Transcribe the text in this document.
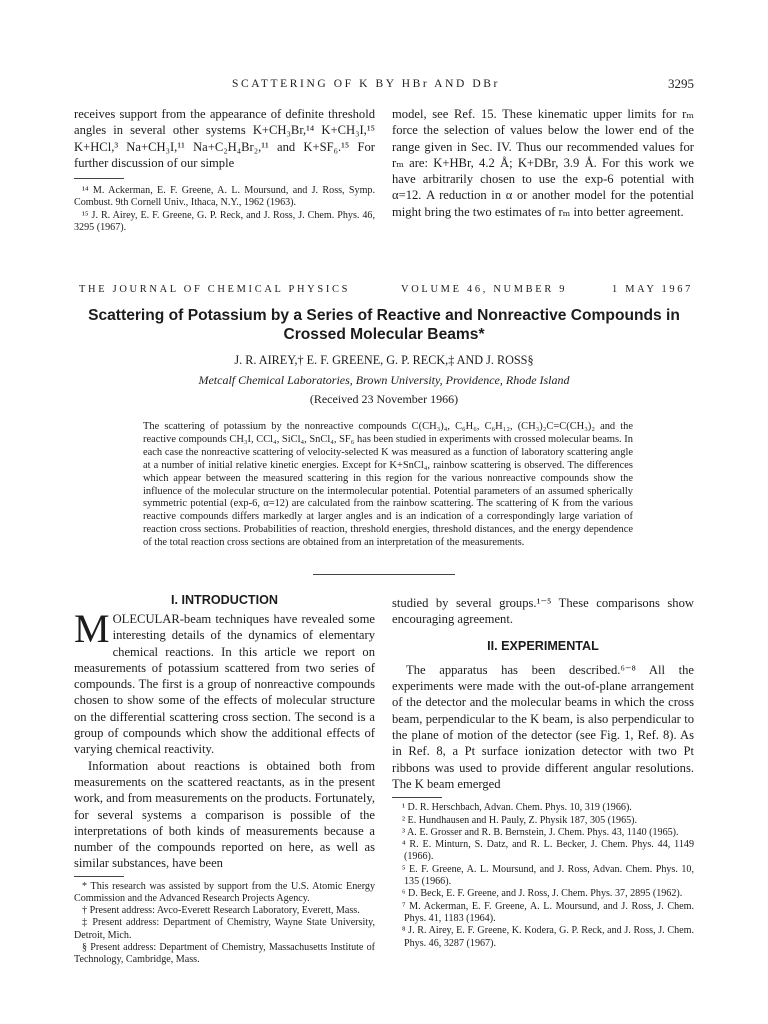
SCATTERING OF K BY HBr AND DBr	3295

receives support from the appearance of definite threshold angles in several other systems K+CH₃Br,¹⁴ K+CH₃I,¹⁵ K+HCl,³ Na+CH₃I,¹¹ Na+C₂H₄Br₂,¹¹ and K+SF₆.¹⁵ For further discussion of our simple

¹⁴ M. Ackerman, E. F. Greene, A. L. Moursund, and J. Ross, Symp. Combust. 9th Cornell Univ., Ithaca, N.Y., 1962 (1963).

¹⁵ J. R. Airey, E. F. Greene, G. P. Reck, and J. Ross, J. Chem. Phys. 46, 3295 (1967).

model, see Ref. 15. These kinematic upper limits for rₘ force the selection of values below the lower end of the range given in Sec. IV. Thus our recommended values for rₘ are: K+HBr, 4.2 Å; K+DBr, 3.9 Å. For this work we have arbitrarily chosen to use the exp-6 potential with α=12. A reduction in α or another model for the potential might bring the two estimates of rₘ into better agreement.

THE JOURNAL OF CHEMICAL PHYSICS	VOLUME 46, NUMBER 9	1 MAY 1967
Scattering of Potassium by a Series of Reactive and Nonreactive Compounds in
Crossed Molecular Beams*
J. R. AIREY,† E. F. GREENE, G. P. RECK,‡ AND J. ROSS§
Metcalf Chemical Laboratories, Brown University, Providence, Rhode Island
(Received 23 November 1966)
The scattering of potassium by the nonreactive compounds C(CH₃)₄, C₆H₆, C₆H₁₂, (CH₃)₂C=C(CH₃)₂ and the reactive compounds CH₃I, CCl₄, SiCl₄, SnCl₄, SF₆ has been studied in experiments with crossed molecular beams. In each case the nonreactive scattering of velocity-selected K was measured as a function of laboratory scattering angle at a number of initial relative kinetic energies. Except for K+SnCl₄, rainbow scattering is observed. The differences which appear between the measured scattering in this region for the various nonreactive compounds show the influence of the molecular structure on the intermolecular potential. Potential parameters of an assumed spherically symmetric potential (exp-6, α=12) are calculated from the rainbow scattering. The scattering of K from the various reactive compounds differs markedly at larger angles and is an indication of a correspondingly large variation of reaction cross sections. Probabilities of reaction, threshold energies, threshold distances, and the energy dependence of the total reaction cross sections are obtained from an interpretation of the measurements.
I. INTRODUCTION

MOLECULAR-beam techniques have revealed some interesting details of the dynamics of elementary chemical reactions. In this article we report on measurements of potassium scattered from two series of compounds. The first is a group of nonreactive compounds chosen to show some of the effects of molecular structure on the differential scattering cross section. The second is a group of compounds which show the additional effects of varying chemical reactivity.

Information about reactions is obtained both from measurements on the scattered reactants, as in the present work, and from measurements on the products. Fortunately, for several systems a comparison is possible of the interpretations of both kinds of measurements because a number of the compounds reported on here, as well as similar substances, have been

* This research was assisted by support from the U.S. Atomic Energy Commission and the Advanced Research Projects Agency.

† Present address: Avco-Everett Research Laboratory, Everett, Mass.

‡ Present address: Department of Chemistry, Wayne State University, Detroit, Mich.

§ Present address: Department of Chemistry, Massachusetts Institute of Technology, Cambridge, Mass.

studied by several groups.¹⁻⁵ These comparisons show encouraging agreement.

II. EXPERIMENTAL

The apparatus has been described.⁶⁻⁸ All the experiments were made with the out-of-plane arrangement of the detector and the molecular beams in which the cross beam, perpendicular to the K beam, is also perpendicular to the plane of motion of the detector (see Fig. 1, Ref. 8). As in Ref. 8, a Pt surface ionization detector with two Pt ribbons was used to provide different angular resolutions. The K beam emerged

¹ D. R. Herschbach, Advan. Chem. Phys. 10, 319 (1966).

² E. Hundhausen and H. Pauly, Z. Physik 187, 305 (1965).

³ A. E. Grosser and R. B. Bernstein, J. Chem. Phys. 43, 1140 (1965).

⁴ R. E. Minturn, S. Datz, and R. L. Becker, J. Chem. Phys. 44, 1149 (1966).

⁵ E. F. Greene, A. L. Moursund, and J. Ross, Advan. Chem. Phys. 10, 135 (1966).

⁶ D. Beck, E. F. Greene, and J. Ross, J. Chem. Phys. 37, 2895 (1962).

⁷ M. Ackerman, E. F. Greene, A. L. Moursund, and J. Ross, J. Chem. Phys. 41, 1183 (1964).

⁸ J. R. Airey, E. F. Greene, K. Kodera, G. P. Reck, and J. Ross, J. Chem. Phys. 46, 3287 (1967).
